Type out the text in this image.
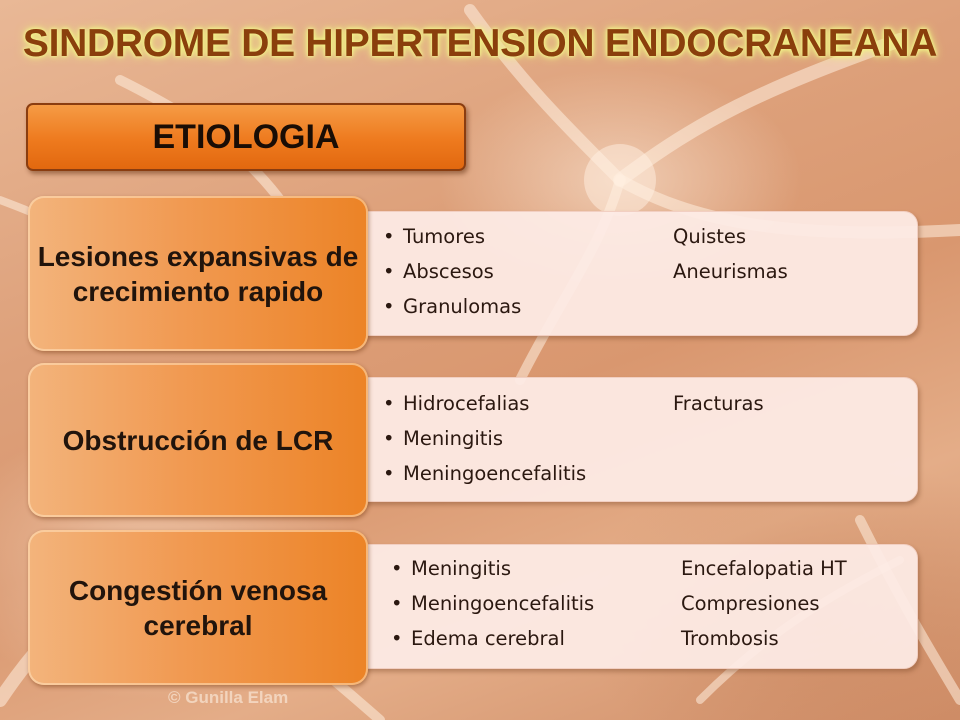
SINDROME DE HIPERTENSION ENDOCRANEANA
ETIOLOGIA
• Tumores	Quistes
• Abscesos	Aneurismas
• Granulomas
Lesiones expansivas de crecimiento rapido
• Hidrocefalias	Fracturas
• Meningitis
• Meningoencefalitis
Obstrucción de LCR
• Meningitis	Encefalopatia HT
• Meningoencefalitis	Compresiones
• Edema cerebral	Trombosis
Congestión venosa cerebral
© Gunilla Elam
